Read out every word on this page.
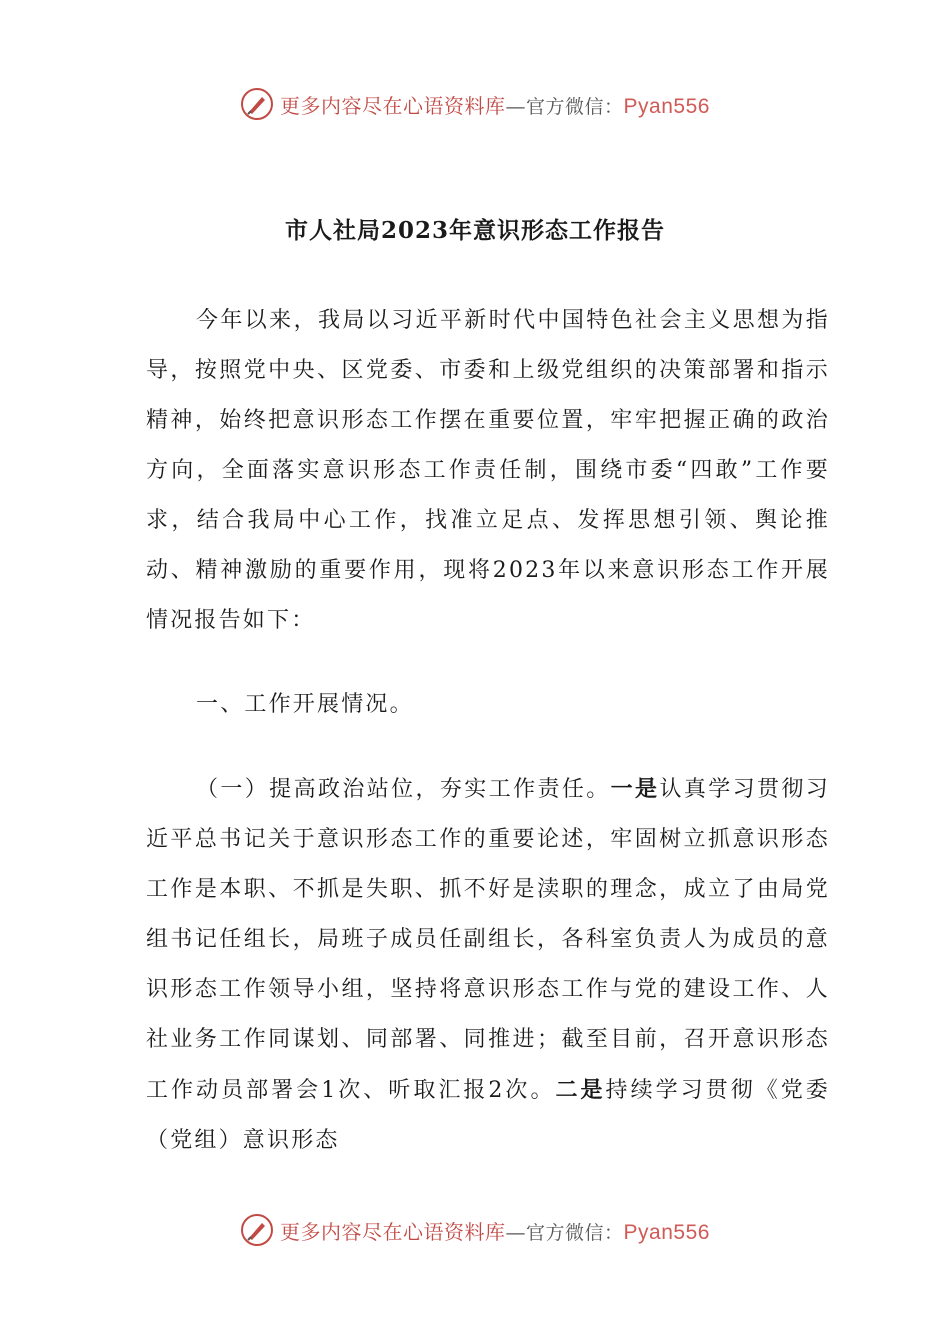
更多内容尽在心语资料库—官方微信：Pyan556
市人社局2023年意识形态工作报告

今年以来，我局以习近平新时代中国特色社会主义思想为指导，按照党中央、区党委、市委和上级党组织的决策部署和指示精神，始终把意识形态工作摆在重要位置，牢牢把握正确的政治方向，全面落实意识形态工作责任制，围绕市委“四敢”工作要求，结合我局中心工作，找准立足点、发挥思想引领、舆论推动、精神激励的重要作用，现将2023年以来意识形态工作开展情况报告如下：

一、工作开展情况。

（一）提高政治站位，夯实工作责任。一是认真学习贯彻习近平总书记关于意识形态工作的重要论述，牢固树立抓意识形态工作是本职、不抓是失职、抓不好是渎职的理念，成立了由局党组书记任组长，局班子成员任副组长，各科室负责人为成员的意识形态工作领导小组，坚持将意识形态工作与党的建设工作、人社业务工作同谋划、同部署、同推进；截至目前，召开意识形态工作动员部署会1次、听取汇报2次。二是持续学习贯彻《党委（党组）意识形态

更多内容尽在心语资料库—官方微信：Pyan556
